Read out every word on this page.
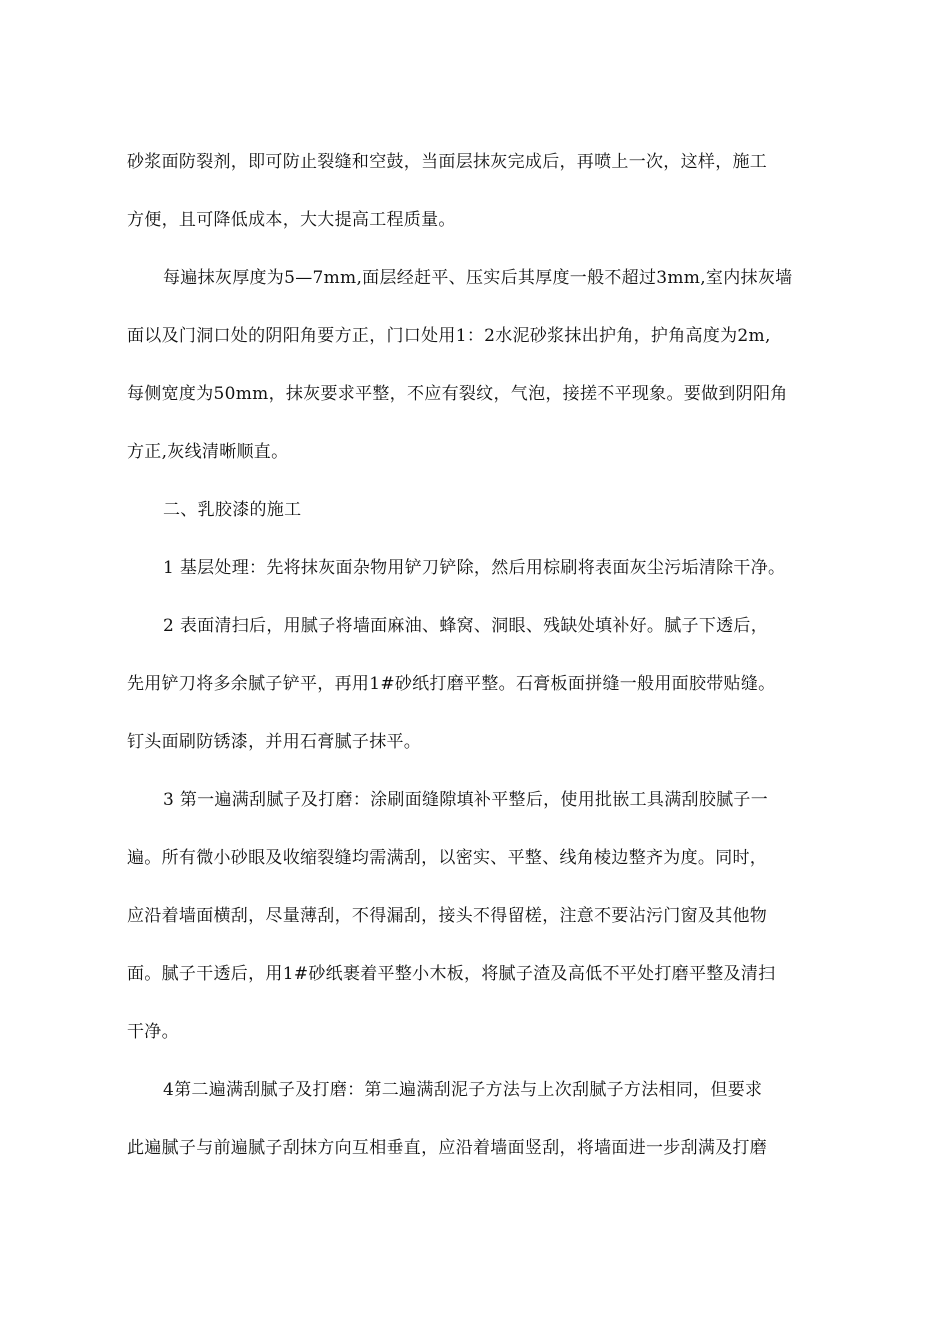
砂浆面防裂剂，即可防止裂缝和空鼓，当面层抹灰完成后，再喷上一次，这样，施工
方便，且可降低成本，大大提高工程质量。
每遍抹灰厚度为5—7mm,面层经赶平、压实后其厚度一般不超过3mm,室内抹灰墙
面以及门洞口处的阴阳角要方正，门口处用1：2水泥砂浆抹出护角，护角高度为2m,
每侧宽度为50mm，抹灰要求平整，不应有裂纹，气泡，接搓不平现象。要做到阴阳角
方正,灰线清晰顺直。
二、乳胶漆的施工
1 基层处理：先将抹灰面杂物用铲刀铲除，然后用棕刷将表面灰尘污垢清除干净。
2 表面清扫后，用腻子将墙面麻油、蜂窝、洞眼、残缺处填补好。腻子下透后，
先用铲刀将多余腻子铲平，再用1#砂纸打磨平整。石膏板面拼缝一般用面胶带贴缝。
钉头面刷防锈漆，并用石膏腻子抹平。
3 第一遍满刮腻子及打磨：涂刷面缝隙填补平整后，使用批嵌工具满刮胶腻子一
遍。所有微小砂眼及收缩裂缝均需满刮，以密实、平整、线角棱边整齐为度。同时，
应沿着墙面横刮，尽量薄刮，不得漏刮，接头不得留槎，注意不要沾污门窗及其他物
面。腻子干透后，用1#砂纸裹着平整小木板，将腻子渣及高低不平处打磨平整及清扫
干净。
4第二遍满刮腻子及打磨：第二遍满刮泥子方法与上次刮腻子方法相同，但要求
此遍腻子与前遍腻子刮抹方向互相垂直，应沿着墙面竖刮，将墙面进一步刮满及打磨
